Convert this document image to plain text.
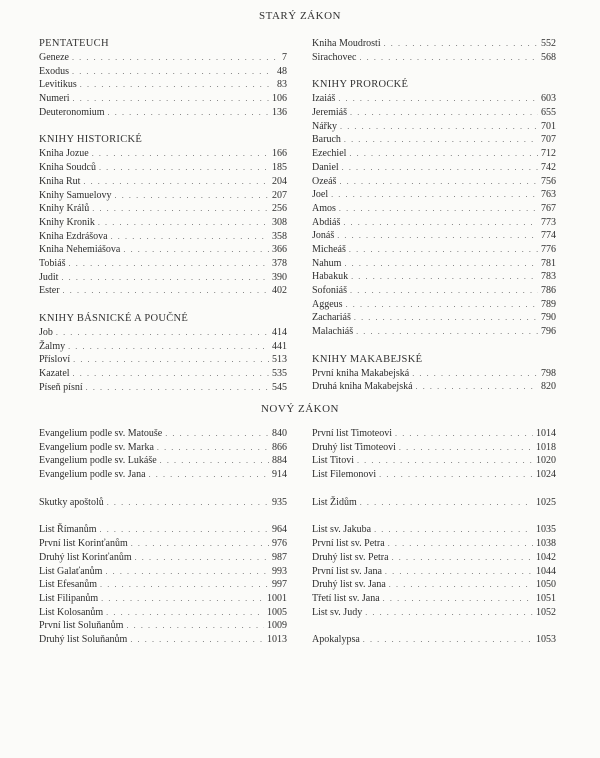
STARÝ ZÁKON
PENTATEUCH
Geneze . . .	7
Exodus . . .	48
Levitikus . . .	83
Numeri . . .	106
Deuteronomium . . .	136
KNIHY HISTORICKÉ
Kniha Jozue . . .	166
Kniha Soudců . . .	185
Kniha Rut . . .	204
Knihy Samuelovy . . .	207
Knihy Králů . . .	256
Knihy Kronik . . .	308
Kniha Ezdrášova . . .	358
Kniha Nehemiášova . . .	366
Tobiáš . . .	378
Judit . . .	390
Ester . . .	402
KNIHY BÁSNICKÉ A POUČNÉ
Job . . .	414
Žalmy . . .	441
Přísloví . . .	513
Kazatel . . .	535
Píseň písní . . .	545
Kniha Moudrosti . . .	552
Sirachovec . . .	568
KNIHY PROROCKÉ
Izaiáš . . .	603
Jeremiáš . . .	655
Nářky . . .	701
Baruch . . .	707
Ezechiel . . .	712
Daniel . . .	742
Ozeáš . . .	756
Joel . . .	763
Amos . . .	767
Abdiáš . . .	773
Jonáš . . .	774
Micheáš . . .	776
Nahum . . .	781
Habakuk . . .	783
Sofoniáš . . .	786
Aggeus . . .	789
Zachariáš . . .	790
Malachiáš . . .	796
KNIHY MAKABEJSKÉ
První kniha Makabejská . . .	798
Druhá kniha Makabejská . . .	820
NOVÝ ZÁKON
Evangelium podle sv. Matouše . . .	840
Evangelium podle sv. Marka . . .	866
Evangelium podle sv. Lukáše . . .	884
Evangelium podle sv. Jana . . .	914
Skutky apoštolů . . .	935
List Římanům . . .	964
První list Korinťanům . . .	976
Druhý list Korinťanům . . .	987
List Galaťanům . . .	993
List Efesanům . . .	997
List Filipanům . . .	1001
List Kolosanům . . .	1005
První list Soluňanům . . .	1009
Druhý list Soluňanům . . .	1013
První list Timoteovi . . .	1014
Druhý list Timoteovi . . .	1018
List Titovi . . .	1020
List Filemonovi . . .	1024
List Židům . . .	1025
List sv. Jakuba . . .	1035
První list sv. Petra . . .	1038
Druhý list sv. Petra . . .	1042
První list sv. Jana . . .	1044
Druhý list sv. Jana . . .	1050
Třetí list sv. Jana . . .	1051
List sv. Judy . . .	1052
Apokalypsa . . .	1053
